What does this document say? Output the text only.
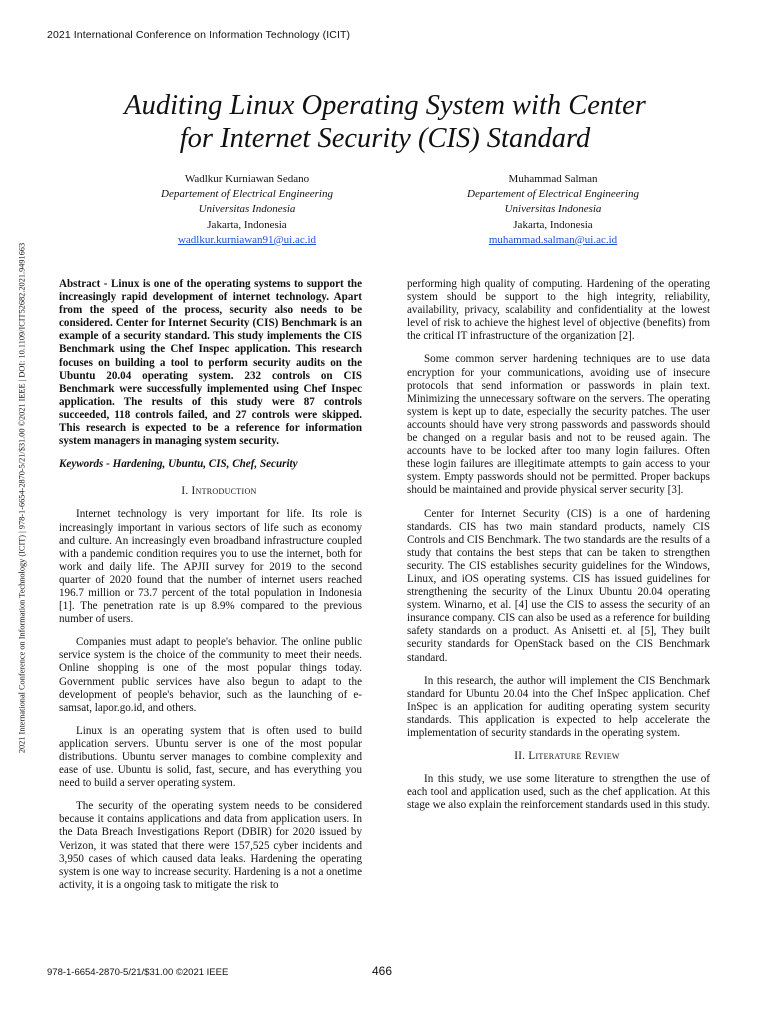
2021 International Conference on Information Technology (ICIT)
2021 International Conference on Information Technology (ICIT) | 978-1-6654-2870-5/21/$31.00 ©2021 IEEE | DOI: 10.1109/ICIT52682.2021.9491663
Auditing Linux Operating System with Center
for Internet Security (CIS) Standard
Wadlkur Kurniawan Sedano
Departement of Electrical Engineering
Universitas Indonesia
Jakarta, Indonesia
wadlkur.kurniawan91@ui.ac.id
Muhammad Salman
Departement of Electrical Engineering
Universitas Indonesia
Jakarta, Indonesia
muhammad.salman@ui.ac.id

Abstract - Linux is one of the operating systems to support the increasingly rapid development of internet technology. Apart from the speed of the process, security also needs to be considered. Center for Internet Security (CIS) Benchmark is an example of a security standard. This study implements the CIS Benchmark using the Chef Inspec application. This research focuses on building a tool to perform security audits on the Ubuntu 20.04 operating system. 232 controls on CIS Benchmark were successfully implemented using Chef Inspec application. The results of this study were 87 controls succeeded, 118 controls failed, and 27 controls were skipped. This research is expected to be a reference for information system managers in managing system security.

Keywords - Hardening, Ubuntu, CIS, Chef, Security

I. Introduction

Internet technology is very important for life. Its role is increasingly important in various sectors of life such as economy and culture. An increasingly even broadband infrastructure coupled with a pandemic condition requires you to use the internet, both for work and daily life. The APJII survey for 2019 to the second quarter of 2020 found that the number of internet users reached 196.7 million or 73.7 percent of the total population in Indonesia [1]. The penetration rate is up 8.9% compared to the previous number of users.

Companies must adapt to people's behavior. The online public service system is the choice of the community to meet their needs. Online shopping is one of the most popular things today. Government public services have also begun to adapt to the development of people's behavior, such as the launching of e-samsat, lapor.go.id, and others.

Linux is an operating system that is often used to build application servers. Ubuntu server is one of the most popular distributions. Ubuntu server manages to combine complexity and ease of use. Ubuntu is solid, fast, secure, and has everything you need to build a server operating system.

The security of the operating system needs to be considered because it contains applications and data from application users. In the Data Breach Investigations Report (DBIR) for 2020 issued by Verizon, it was stated that there were 157,525 cyber incidents and 3,950 cases of which caused data leaks. Hardening the operating system is one way to increase security. Hardening is a not a onetime activity, it is a ongoing task to mitigate the risk to

performing high quality of computing. Hardening of the operating system should be support to the high integrity, reliability, availability, privacy, scalability and confidentiality at the lowest level of risk to achieve the highest level of objective (benefits) from the critical IT infrastructure of the organization [2].

Some common server hardening techniques are to use data encryption for your communications, avoiding use of insecure protocols that send information or passwords in plain text. Minimizing the unnecessary software on the servers. The operating system is kept up to date, especially the security patches. The user accounts should have very strong passwords and passwords should be changed on a regular basis and not to be reused again. The accounts have to be locked after too many login failures. Often these login failures are illegitimate attempts to gain access to your system. Empty passwords should not be permitted. Proper backups should be maintained and provide physical server security [3].

Center for Internet Security (CIS) is a one of hardening standards. CIS has two main standard products, namely CIS Controls and CIS Benchmark. The two standards are the results of a study that contains the best steps that can be taken to strengthen security. The CIS establishes security guidelines for the Windows, Linux, and iOS operating systems. CIS has issued guidelines for strengthening the security of the Linux Ubuntu 20.04 operating system. Winarno, et al. [4] use the CIS to assess the security of an insurance company. CIS can also be used as a reference for building safety standards on a product. As Anisetti et. al [5], They built security standards for OpenStack based on the CIS Benchmark standard.

In this research, the author will implement the CIS Benchmark standard for Ubuntu 20.04 into the Chef InSpec application. Chef InSpec is an application for auditing operating system security standards. This application is expected to help accelerate the implementation of security standards in the operating system.

II. Literature Review

In this study, we use some literature to strengthen the use of each tool and application used, such as the chef application. At this stage we also explain the reinforcement standards used in this study.

978-1-6654-2870-5/21/$31.00 ©2021 IEEE	466
